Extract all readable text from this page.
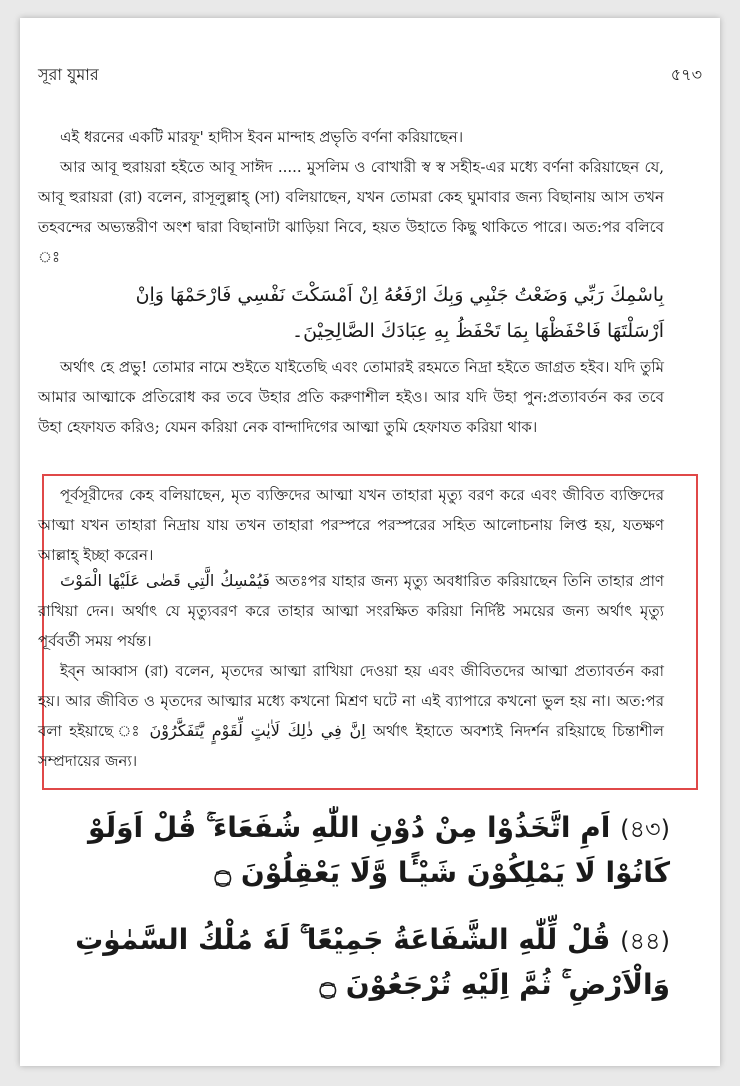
সূরা যুমার	৫৭৩

এই ধরনের একটি মারফূ' হাদীস ইবন মান্দাহ প্রভৃতি বর্ণনা করিয়াছেন।

আর আবূ হুরায়রা হইতে আবূ সাঈদ ..... মুসলিম ও বোখারী স্ব স্ব সহীহ-এর মধ্যে বর্ণনা করিয়াছেন যে, আবূ হুরায়রা (রা) বলেন, রাসূলুল্লাহ্ (সা) বলিয়াছেন, যখন তোমরা কেহ ঘুমাবার জন্য বিছানায় আস তখন তহবন্দের অভ্যন্তরীণ অংশ দ্বারা বিছানাটা ঝাড়িয়া নিবে, হয়ত উহাতে কিছু থাকিতে পারে। অত:পর বলিবে ঃ

بِاسْمِكَ رَبِّي وَضَعْتُ جَنْبِي وَبِكَ ارْفَعُهُ اِنْ اَمْسَكْتَ نَفْسِي فَارْحَمْهَا وَاِنْ

اَرْسَلْتَهَا فَاحْفَظْهَا بِمَا تَحْفَظُ بِهِ عِبَادَكَ الصَّالِحِيْنَ۔

অর্থাৎ হে প্রভু! তোমার নামে শুইতে যাইতেছি এবং তোমারই রহমতে নিদ্রা হইতে জাগ্রত হইব। যদি তুমি আমার আত্মাকে প্রতিরোধ কর তবে উহার প্রতি করুণাশীল হইও। আর যদি উহা পুন:প্রত্যাবর্তন কর তবে উহা হেফাযত করিও; যেমন করিয়া নেক বান্দাদিগের আত্মা তুমি হেফাযত করিয়া থাক।

পূর্বসূরীদের কেহ বলিয়াছেন, মৃত ব্যক্তিদের আত্মা যখন তাহারা মৃত্যু বরণ করে এবং জীবিত ব্যক্তিদের আত্মা যখন তাহারা নিদ্রায় যায় তখন তাহারা পরস্পরে পরস্পরের সহিত আলোচনায় লিপ্ত হয়, যতক্ষণ আল্লাহ্ ইচ্ছা করেন।

فَيُمْسِكُ الَّتِي قَضٰى عَلَيْهَا الْمَوْتَ অতঃপর যাহার জন্য মৃত্যু অবধারিত করিয়াছেন তিনি তাহার প্রাণ রাখিয়া দেন। অর্থাৎ যে মৃত্যুবরণ করে তাহার আত্মা সংরক্ষিত করিয়া নির্দিষ্ট সময়ের জন্য অর্থাৎ মৃত্যু পূর্ববর্তী সময় পর্যন্ত।

ইব্ন আব্বাস (রা) বলেন, মৃতদের আত্মা রাখিয়া দেওয়া হয় এবং জীবিতদের আত্মা প্রত্যাবর্তন করা হয়। আর জীবিত ও মৃতদের আত্মার মধ্যে কখনো মিশ্রণ ঘটে না এই ব্যাপারে কখনো ভুল হয় না। অত:পর বলা হইয়াছে ঃ اِنَّ فِي ذٰلِكَ لَاٰيٰتٍ لِّقَوْمٍ يَّتَفَكَّرُوْنَ অর্থাৎ ইহাতে অবশ্যই নিদর্শন রহিয়াছে চিন্তাশীল সম্প্রদায়ের জন্য।

(৪৩) اَمِ اتَّخَذُوْا مِنْ دُوْنِ اللّٰهِ شُفَعَاءَ ۚ قُلْ اَوَلَوْ كَانُوْا لَا يَمْلِكُوْنَ شَيْـًٔا وَّلَا يَعْقِلُوْنَ ۝

(৪৪) قُلْ لِّلّٰهِ الشَّفَاعَةُ جَمِيْعًا ۚ لَهٗ مُلْكُ السَّمٰوٰتِ وَالْاَرْضِ ۚ ثُمَّ اِلَيْهِ تُرْجَعُوْنَ ۝
